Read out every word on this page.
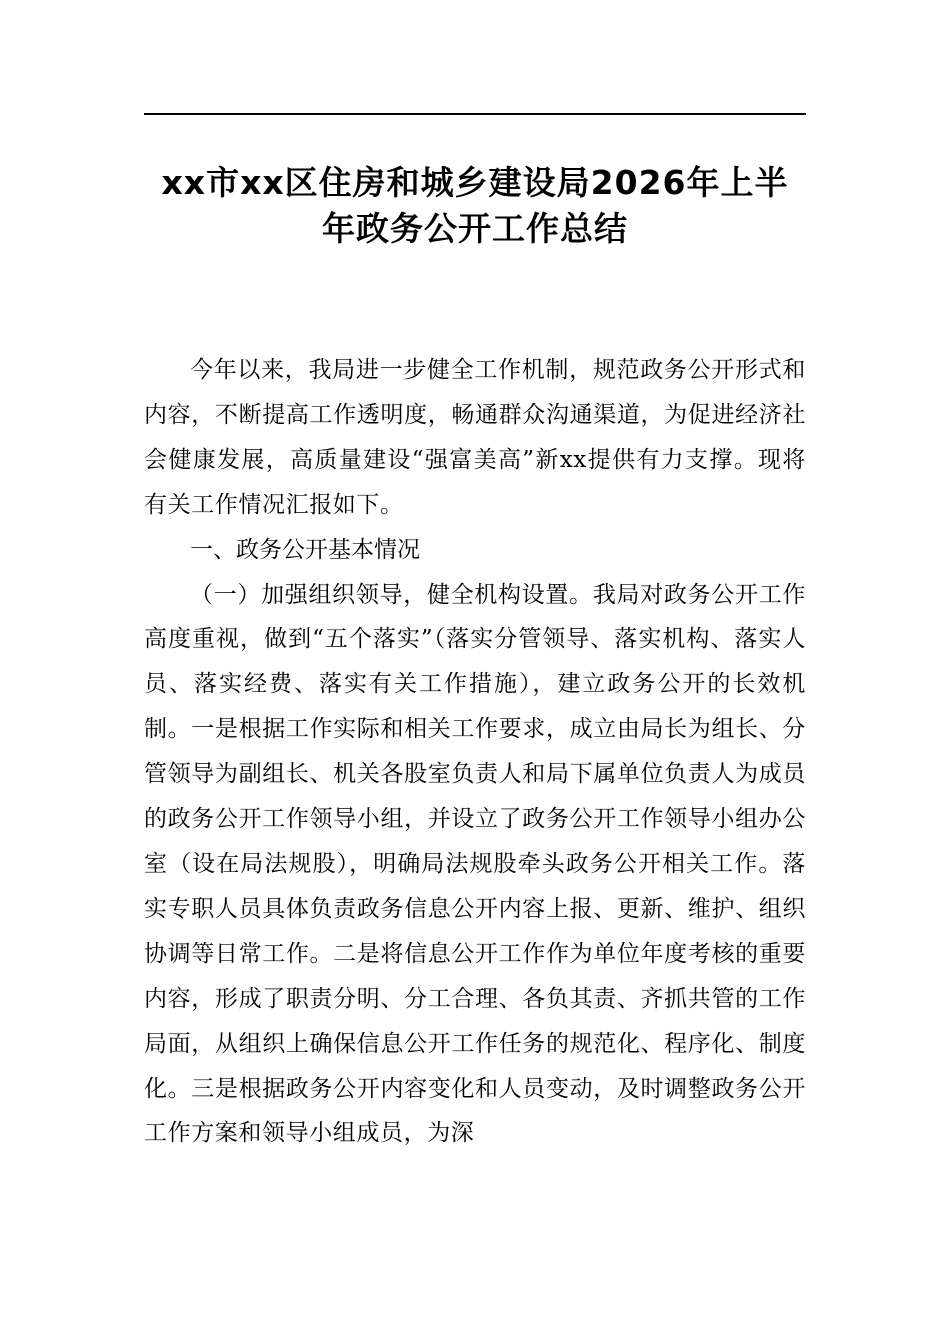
xx市xx区住房和城乡建设局2026年上半
年政务公开工作总结

今年以来，我局进一步健全工作机制，规范政务公开形式和内容，不断提高工作透明度，畅通群众沟通渠道，为促进经济社会健康发展，高质量建设“强富美高”新xx提供有力支撑。现将有关工作情况汇报如下。

一、政务公开基本情况

（一）加强组织领导，健全机构设置。我局对政务公开工作高度重视，做到“五个落实”（落实分管领导、落实机构、落实人员、落实经费、落实有关工作措施），建立政务公开的长效机制。一是根据工作实际和相关工作要求，成立由局长为组长、分管领导为副组长、机关各股室负责人和局下属单位负责人为成员的政务公开工作领导小组，并设立了政务公开工作领导小组办公室（设在局法规股），明确局法规股牵头政务公开相关工作。落实专职人员具体负责政务信息公开内容上报、更新、维护、组织协调等日常工作。二是将信息公开工作作为单位年度考核的重要内容，形成了职责分明、分工合理、各负其责、齐抓共管的工作局面，从组织上确保信息公开工作任务的规范化、程序化、制度化。三是根据政务公开内容变化和人员变动，及时调整政务公开工作方案和领导小组成员，为深
